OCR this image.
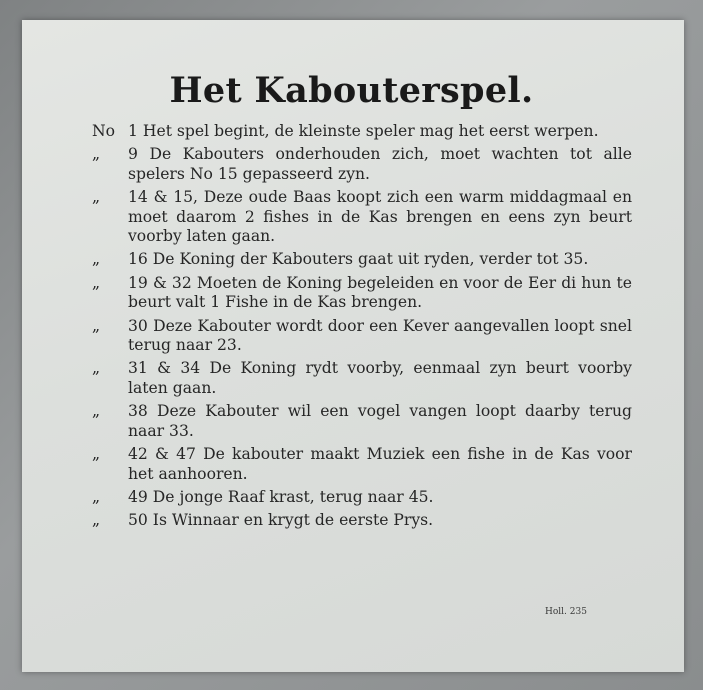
Het Kabouterspel.
No 1 Het spel begint, de kleinste speler mag het eerst werpen.
„	9 De Kabouters onderhouden zich, moet wachten tot alle spelers No 15 gepasseerd zyn.
„	14 & 15, Deze oude Baas koopt zich een warm middagmaal en moet daarom 2 fishes in de Kas brengen en eens zyn beurt voorby laten gaan.
„	16 De Koning der Kabouters gaat uit ryden, verder tot 35.
„	19 & 32 Moeten de Koning begeleiden en voor de Eer di hun te beurt valt 1 Fishe in de Kas brengen.
„	30 Deze Kabouter wordt door een Kever aangevallen loopt snel terug naar 23.
„	31 & 34 De Koning rydt voorby, eenmaal zyn beurt voorby laten gaan.
„	38 Deze Kabouter wil een vogel vangen loopt daarby terug naar 33.
„	42 & 47 De kabouter maakt Muziek een fishe in de Kas voor het aanhooren.
„	49 De jonge Raaf krast, terug naar 45.
„	50 Is Winnaar en krygt de eerste Prys.
Holl. 235
